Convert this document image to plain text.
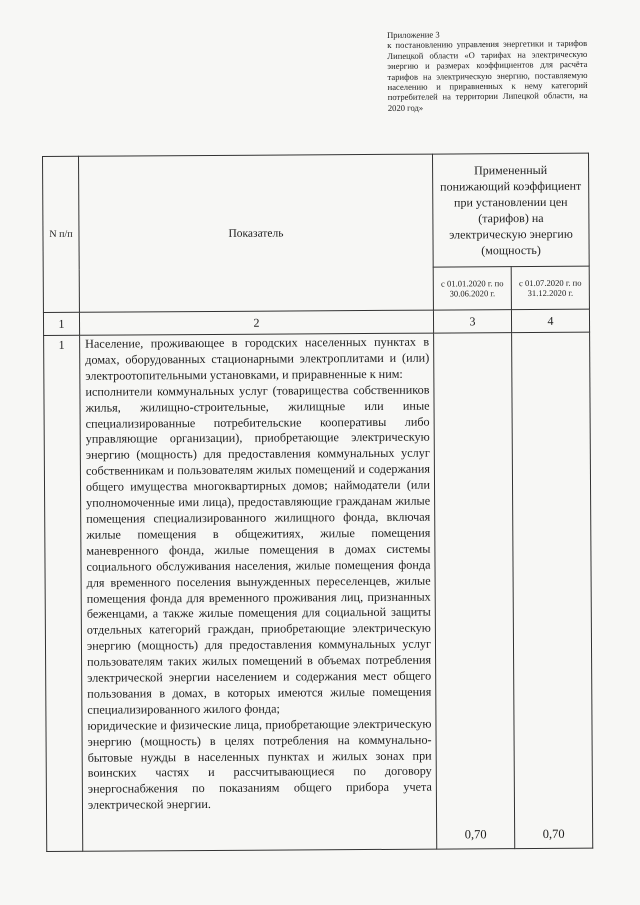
Приложение 3
к постановлению управления энергетики и тарифов Липецкой области «О тарифах на электрическую энергию и размерах коэффициентов для расчёта тарифов на электрическую энергию, поставляемую населению и приравненных к нему категорий потребителей на территории Липецкой области, на 2020 год»
N п/п	Показатель	Примененный понижающий коэффициент при установлении цен (тарифов) на электрическую энергию (мощность)	
		с 01.01.2020 г. по 30.06.2020 г.	с 01.07.2020 г. по 31.12.2020 г.
1	2	3	4
1	Население, проживающее в городских населенных пунктах в домах, оборудованных стационарными электроплитами и (или) электроотопительными установками, и приравненные к ним:

исполнители коммунальных услуг (товарищества собственников жилья, жилищно-строительные, жилищные или иные специализированные потребительские кооперативы либо управляющие организации), приобретающие электрическую энергию (мощность) для предоставления коммунальных услуг собственникам и пользователям жилых помещений и содержания общего имущества многоквартирных домов; наймодатели (или уполномоченные ими лица), предоставляющие гражданам жилые помещения специализированного жилищного фонда, включая жилые помещения в общежитиях, жилые помещения маневренного фонда, жилые помещения в домах системы социального обслуживания населения, жилые помещения фонда для временного поселения вынужденных переселенцев, жилые помещения фонда для временного проживания лиц, признанных беженцами, а также жилые помещения для социальной защиты отдельных категорий граждан, приобретающие электрическую энергию (мощность) для предоставления коммунальных услуг пользователям таких жилых помещений в объемах потребления электрической энергии населением и содержания мест общего пользования в домах, в которых имеются жилые помещения специализированного жилого фонда;

юридические и физические лица, приобретающие электрическую энергию (мощность) в целях потребления на коммунально-бытовые нужды в населенных пунктах и жилых зонах при воинских частях и рассчитывающиеся по договору энергоснабжения по показаниям общего прибора учета электрической энергии.	0,70	0,70
